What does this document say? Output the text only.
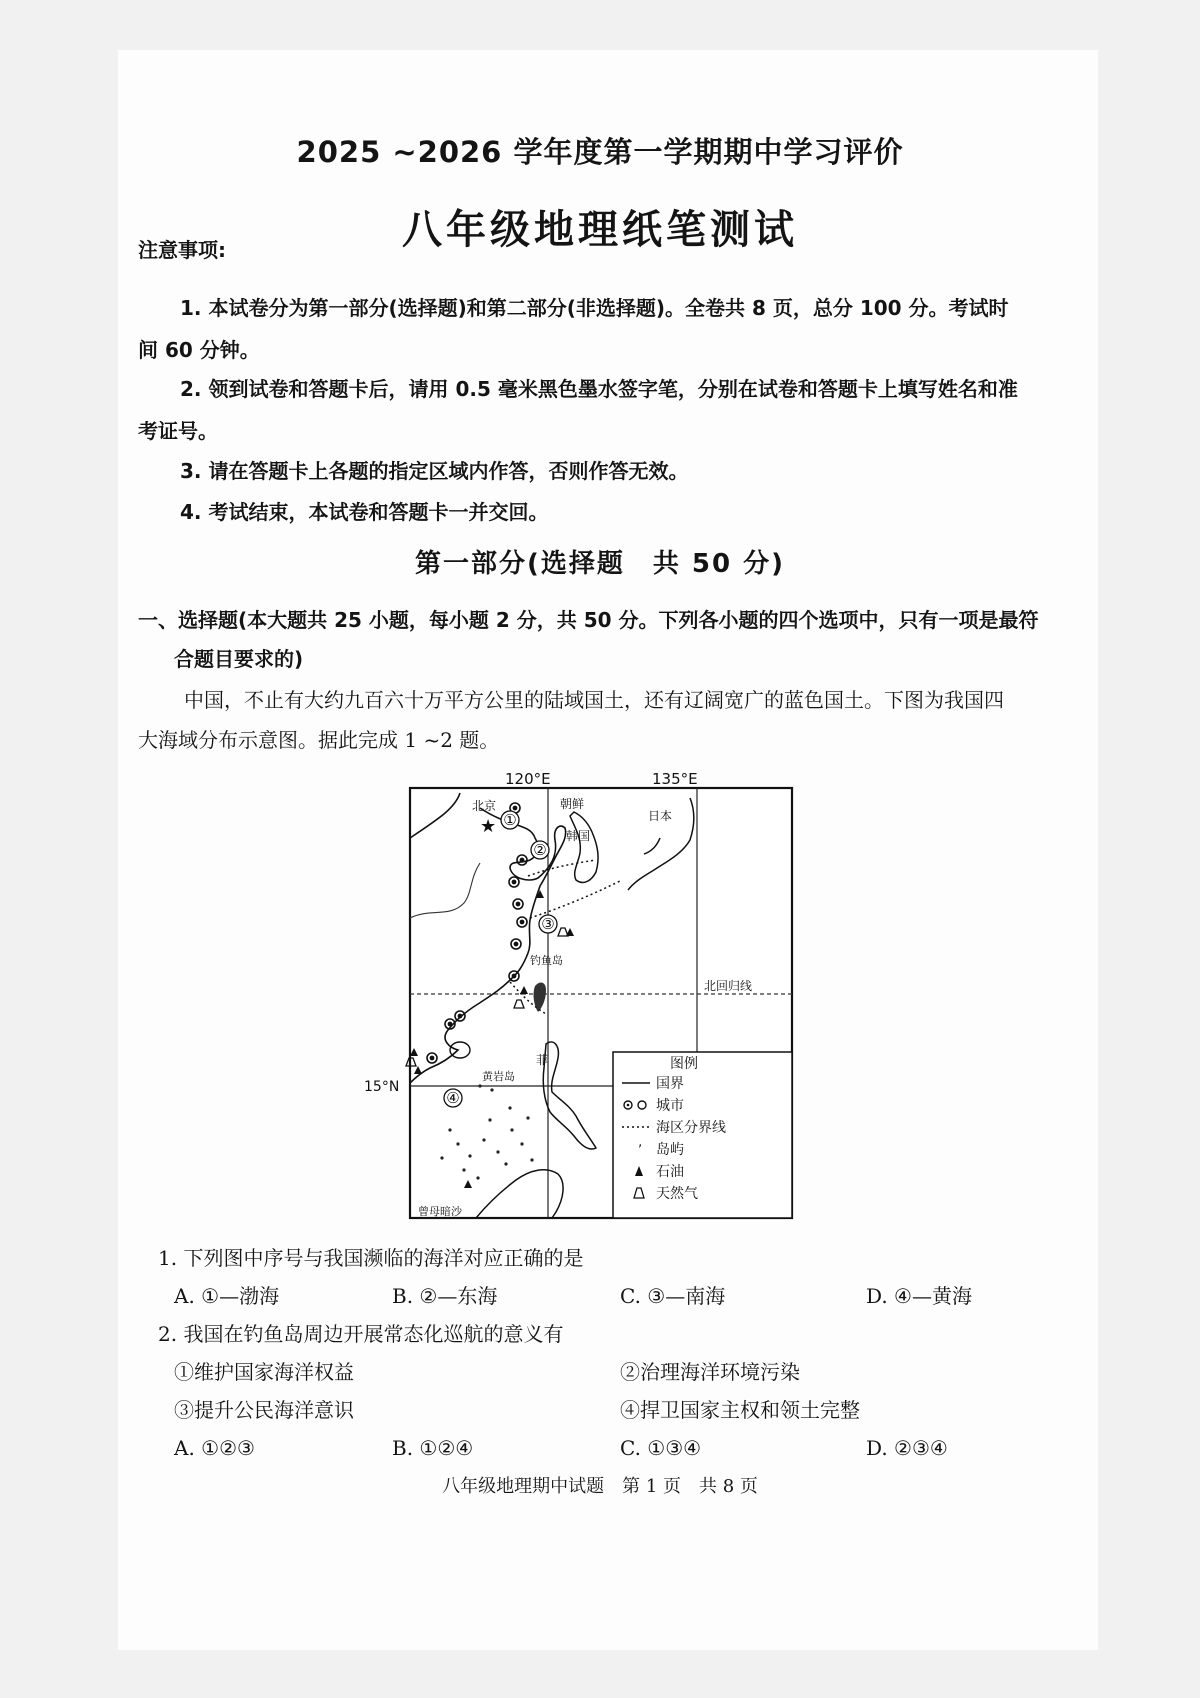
2025 ~2026 学年度第一学期期中学习评价
八年级地理纸笔测试
注意事项:
1. 本试卷分为第一部分(选择题)和第二部分(非选择题)。全卷共 8 页，总分 100 分。考试时
间 60 分钟。
2. 领到试卷和答题卡后，请用 0.5 毫米黑色墨水签字笔，分别在试卷和答题卡上填写姓名和准
考证号。
3. 请在答题卡上各题的指定区域内作答，否则作答无效。
4. 考试结束，本试卷和答题卡一并交回。
第一部分(选择题　共 50 分)
一、选择题(本大题共 25 小题，每小题 2 分，共 50 分。下列各小题的四个选项中，只有一项是最符
合题目要求的)
中国，不止有大约九百六十万平方公里的陆域国土，还有辽阔宽广的蓝色国土。下图为我国四
大海域分布示意图。据此完成 1 ~2 题。
★ ①
②
③
④
120°E	135°E
15°N
北回归线
北京	朝鲜
韩国
日本
钓鱼岛
菲
黄岩岛
曾母暗沙
图例
国界
城市
海区分界线
ʼ 岛屿
石油
天然气
1. 下列图中序号与我国濒临的海洋对应正确的是
A. ①—渤海	B. ②—东海	C. ③—南海	D. ④—黄海
2. 我国在钓鱼岛周边开展常态化巡航的意义有
①维护国家海洋权益	②治理海洋环境污染
③提升公民海洋意识	④捍卫国家主权和领土完整
八年级地理期中试题　第 1 页　共 8 页
A. ①②③	B. ①②④	C. ①③④	D. ②③④
